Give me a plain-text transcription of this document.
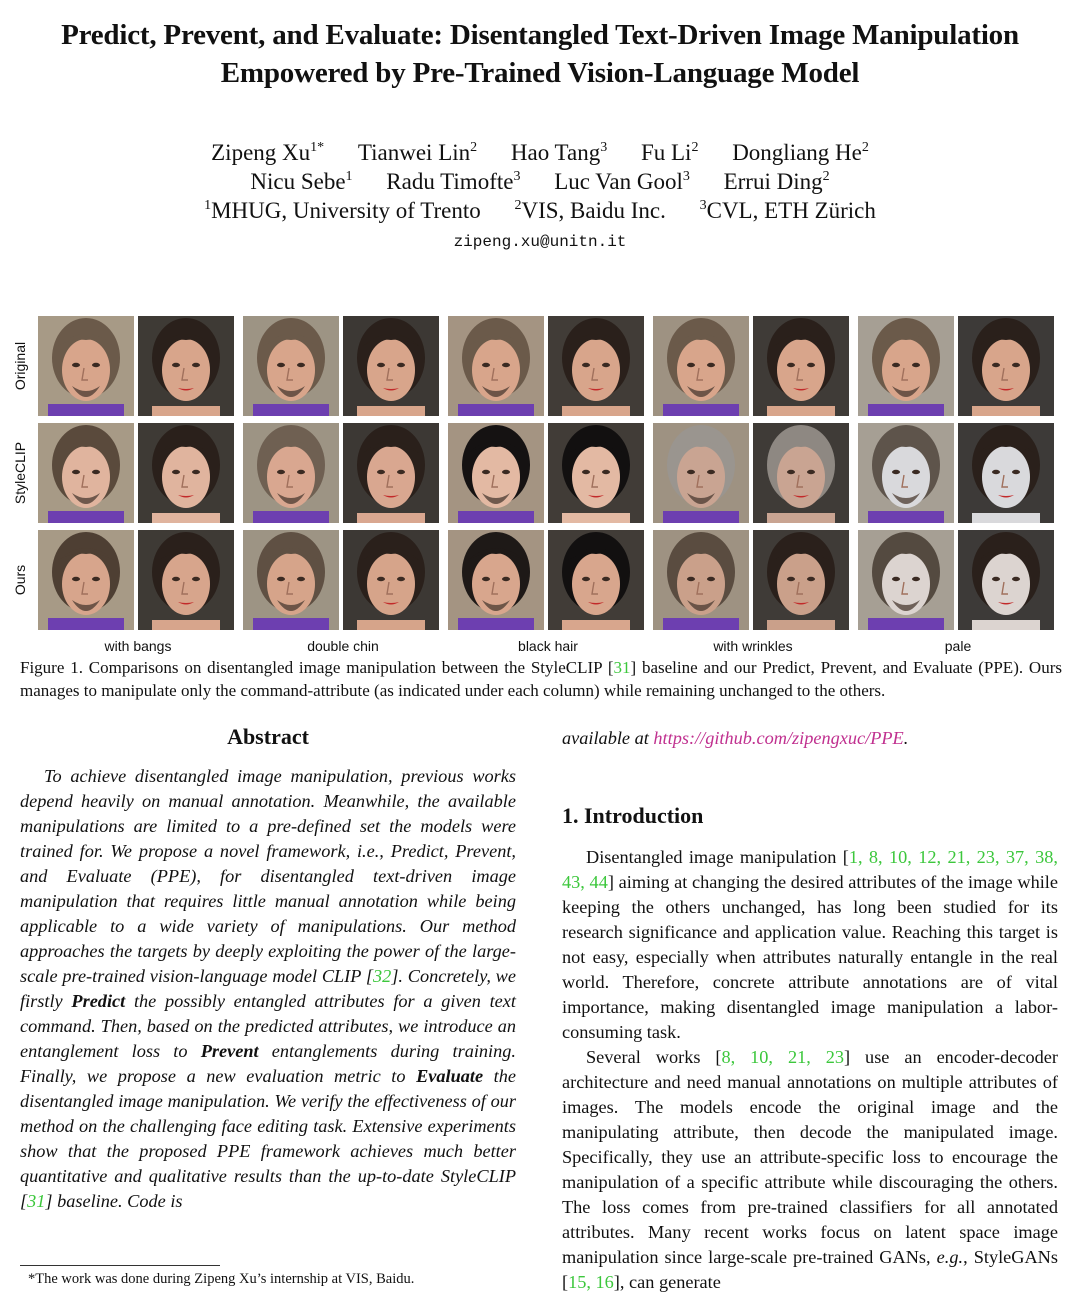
Predict, Prevent, and Evaluate: Disentangled Text-Driven Image Manipulation
Empowered by Pre-Trained Vision-Language Model
Zipeng $Xu^{1*}$ Tianwei Lin$^2$ Hao Tang$^3$ Fu Li$^2$ Dongliang He$^2$
Nicu Sebe$^1$ Radu Timofte$^3$ Luc Van Gool$^3$ Errui Ding$^2$
$^1$MHUG, University of Trento $^2$VIS, Baidu Inc. $^3$CVL, ETH Zürich
zipeng.xu@unitn.it
Original
StyleCLIP
Ours
with bangs	double chin	black hair	with wrinkles	pale
Figure 1. Comparisons on disentangled image manipulation between the StyleCLIP [31] baseline and our Predict, Prevent, and Evaluate (PPE). Ours manages to manipulate only the command-attribute (as indicated under each column) while remaining unchanged to the others.
Abstract

To achieve disentangled image manipulation, previous works depend heavily on manual annotation. Meanwhile, the available manipulations are limited to a pre-defined set the models were trained for. We propose a novel framework, i.e., Predict, Prevent, and Evaluate (PPE), for disentangled text-driven image manipulation that requires little manual annotation while being applicable to a wide variety of manipulations. Our method approaches the targets by deeply exploiting the power of the large-scale pre-trained vision-language model CLIP [32]. Concretely, we firstly Predict the possibly entangled attributes for a given text command. Then, based on the predicted attributes, we introduce an entanglement loss to Prevent entanglements during training. Finally, we propose a new evaluation metric to Evaluate the disentangled image manipulation. We verify the effectiveness of our method on the challenging face editing task. Extensive experiments show that the proposed PPE framework achieves much better quantitative and qualitative results than the up-to-date StyleCLIP [31] baseline. Code is

available at https://github.com/zipengxuc/PPE.

1. Introduction

Disentangled image manipulation [1, 8, 10, 12, 21, 23, 37, 38, 43, 44] aiming at changing the desired attributes of the image while keeping the others unchanged, has long been studied for its research significance and application value. Reaching this target is not easy, especially when attributes naturally entangle in the real world. Therefore, concrete attribute annotations are of vital importance, making disentangled image manipulation a labor-consuming task.

Several works [8, 10, 21, 23] use an encoder-decoder architecture and need manual annotations on multiple attributes of images. The models encode the original image and the manipulating attribute, then decode the manipulated image. Specifically, they use an attribute-specific loss to encourage the manipulation of a specific attribute while discouraging the others. The loss comes from pre-trained classifiers for all annotated attributes. Many recent works focus on latent space image manipulation since large-scale pre-trained GANs, e.g., StyleGANs [15, 16], can generate

*The work was done during Zipeng Xu’s internship at VIS, Baidu.
